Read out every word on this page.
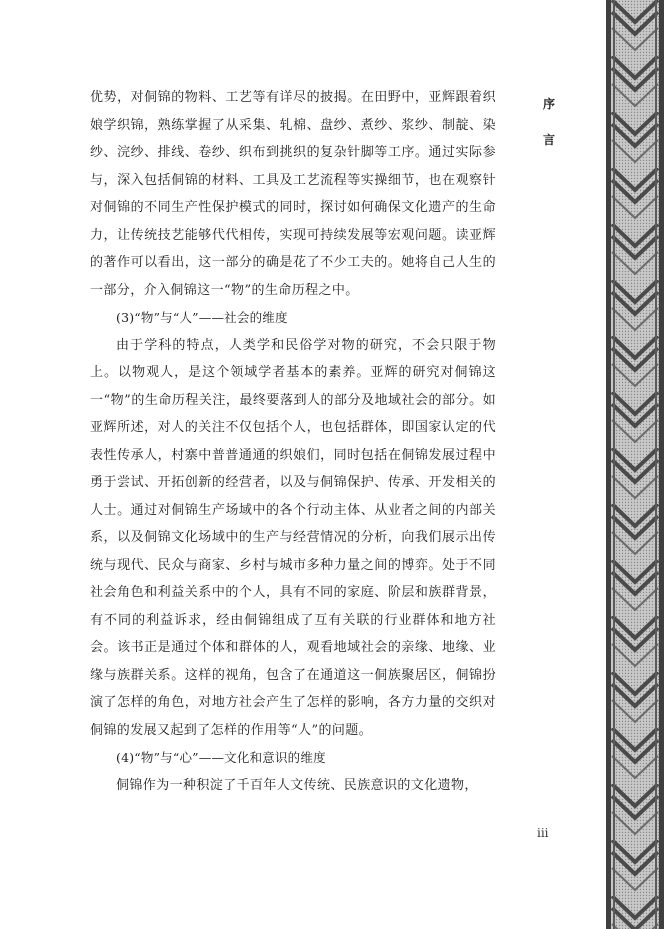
优势，对侗锦的物料、工艺等有详尽的披揭。在田野中，亚辉跟着织娘学织锦，熟练掌握了从采集、轧棉、盘纱、煮纱、浆纱、制靛、染纱、浣纱、排线、卷纱、织布到挑织的复杂针脚等工序。通过实际参与，深入包括侗锦的材料、工具及工艺流程等实操细节，也在观察针对侗锦的不同生产性保护模式的同时，探讨如何确保文化遗产的生命力，让传统技艺能够代代相传，实现可持续发展等宏观问题。读亚辉的著作可以看出，这一部分的确是花了不少工夫的。她将自己人生的一部分，介入侗锦这一“物”的生命历程之中。

(3)“物”与“人”——社会的维度

由于学科的特点，人类学和民俗学对物的研究，不会只限于物上。以物观人，是这个领域学者基本的素养。亚辉的研究对侗锦这一“物”的生命历程关注，最终要落到人的部分及地域社会的部分。如亚辉所述，对人的关注不仅包括个人，也包括群体，即国家认定的代表性传承人，村寨中普普通通的织娘们，同时包括在侗锦发展过程中勇于尝试、开拓创新的经营者，以及与侗锦保护、传承、开发相关的人士。通过对侗锦生产场域中的各个行动主体、从业者之间的内部关系，以及侗锦文化场域中的生产与经营情况的分析，向我们展示出传统与现代、民众与商家、乡村与城市多种力量之间的博弈。处于不同社会角色和利益关系中的个人，具有不同的家庭、阶层和族群背景，有不同的利益诉求，经由侗锦组成了互有关联的行业群体和地方社会。该书正是通过个体和群体的人，观看地域社会的亲缘、地缘、业缘与族群关系。这样的视角，包含了在通道这一侗族聚居区，侗锦扮演了怎样的角色，对地方社会产生了怎样的影响，各方力量的交织对侗锦的发展又起到了怎样的作用等“人”的问题。

(4)“物”与“心”——文化和意识的维度

侗锦作为一种积淀了千百年人文传统、民族意识的文化遗物，

序
言
iii
